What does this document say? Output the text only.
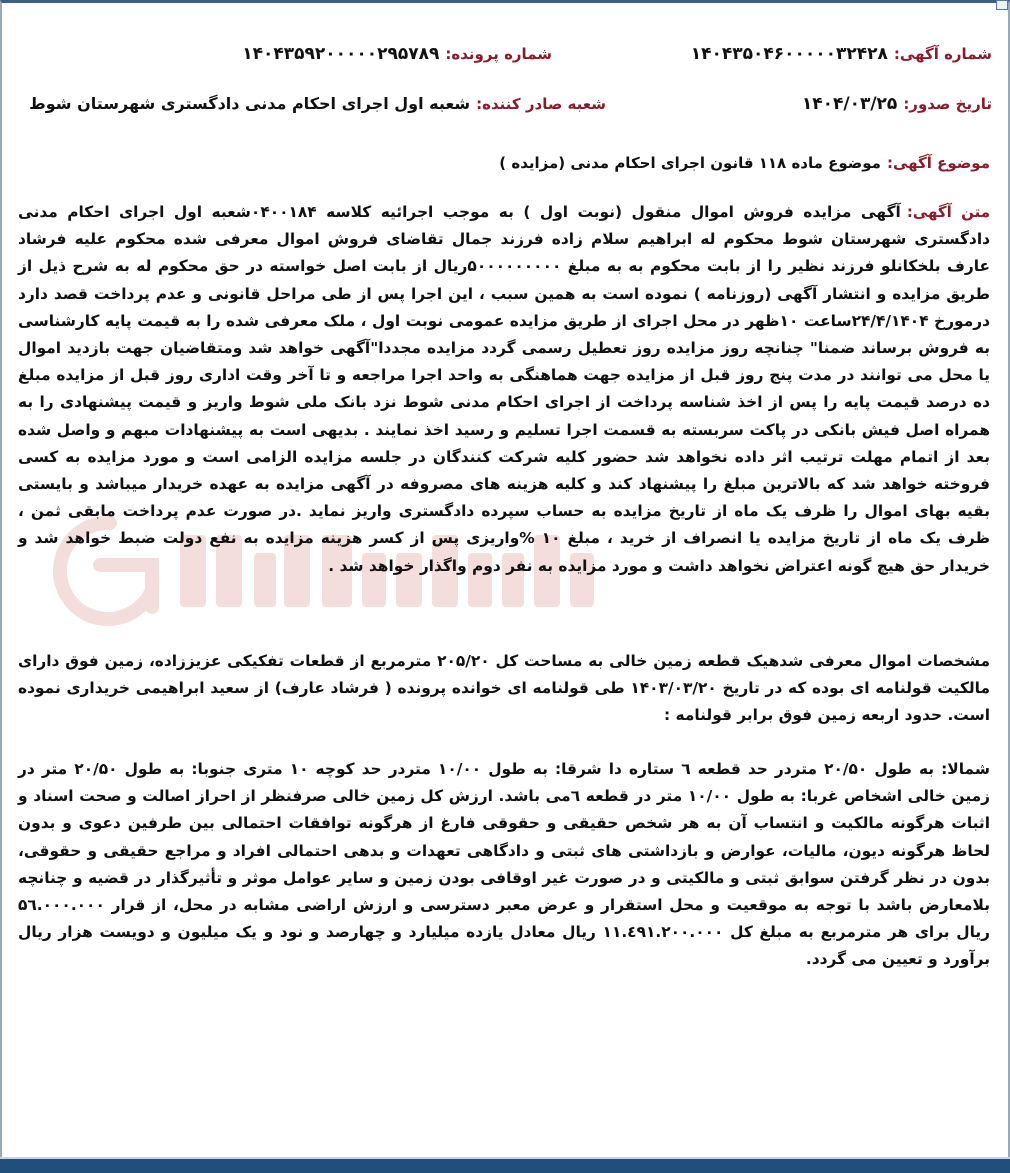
شماره آگهی:
۱۴۰۴۳۵۰۴۶۰۰۰۰۰۳۲۴۲۸
شماره پرونده:
۱۴۰۴۳۵۹۲۰۰۰۰۰۲۹۵۷۸۹
تاریخ صدور:
۱۴۰۴/۰۳/۲۵
شعبه صادر کننده:
شعبه اول اجرای احکام مدنی دادگستری شهرستان شوط
موضوع آگهی:
موضوع ماده ۱۱۸ قانون اجرای احکام مدنی (مزایده )
متن آگهی:آگهی مزایده فروش اموال منقول (نوبت اول ) به موجب اجرائیه کلاسه ۰۴۰۰۱۸۴شعبه اول اجرای احکام مدنی دادگستری شهرستان شوط محکوم له ابراهیم سلام زاده فرزند جمال تقاضای فروش اموال معرفی شده محکوم علیه فرشاد عارف بلخکانلو فرزند نظیر را از بابت محکوم به به مبلغ ۵۰۰۰۰۰۰۰۰۰ریال از بابت اصل خواسته در حق محکوم له به شرح ذیل از طریق مزایده و انتشار آگهی (روزنامه ) نموده است به همین سبب ، این اجرا پس از طی مراحل قانونی و عدم پرداخت قصد دارد درمورخ ۲۴/۴/۱۴۰۴ساعت ۱۰ظهر در محل اجرای از طریق مزایده عمومی نوبت اول ، ملک معرفی شده را به قیمت پایه کارشناسی به فروش برساند ضمنا" چنانچه روز مزایده روز تعطیل رسمی گردد مزایده مجددا"آگهی خواهد شد ومتقاضیان جهت بازدید اموال یا محل می توانند در مدت پنج روز قبل از مزایده جهت هماهنگی به واحد اجرا مراجعه و تا آخر وقت اداری روز قبل از مزایده مبلغ ده درصد قیمت پایه را پس از اخذ شناسه پرداخت از اجرای احکام مدنی شوط نزد بانک ملی شوط واریز و قیمت پیشنهادی را به همراه اصل فیش بانکی در پاکت سربسته به قسمت اجرا تسلیم و رسید اخذ نمایند . بدیهی است به پیشنهادات مبهم و واصل شده بعد از اتمام مهلت ترتیب اثر داده نخواهد شد حضور کلیه شرکت کنندگان در جلسه مزایده الزامی است و مورد مزایده به کسی فروخته خواهد شد که بالاترین مبلغ را پیشنهاد کند و کلیه هزینه های مصروفه در آگهی مزایده به عهده خریدار میباشد و بایستی بقیه بهای اموال را ظرف یک ماه از تاریخ مزایده به حساب سپرده دادگستری واریز نماید .در صورت عدم پرداخت مابقی ثمن ، ظرف یک ماه از تاریخ مزایده یا انصراف از خرید ، مبلغ ۱۰ %واریزی پس از کسر هزینه مزایده به نفع دولت ضبط خواهد شد و خریدار حق هیچ گونه اعتراض نخواهد داشت و مورد مزایده به نفر دوم واگذار خواهد شد .
مشخصات اموال معرفی شدهیک قطعه زمین خالی به مساحت کل ۲۰۵/۲۰ مترمربع از قطعات تفکیکی عزیززاده، زمین فوق دارای مالکیت قولنامه ای بوده که در تاریخ ۱۴۰۳/۰۳/۲۰ طی قولنامه ای خوانده پرونده ( فرشاد عارف) از سعید ابراهیمی خریداری نموده است. حدود اربعه زمین فوق برابر قولنامه :
شمالا: به طول ۲۰/۵۰ متردر حد قطعه ٦ ستاره دا شرقا: به طول ۱۰/۰۰ متردر حد کوچه ۱۰ متری جنوبا: به طول ۲۰/۵۰ متر در زمین خالی اشخاص غربا: به طول ۱۰/۰۰ متر در قطعه ٦می باشد. ارزش کل زمین خالی صرفنظر از احراز اصالت و صحت اسناد و اثبات هرگونه مالکیت و انتساب آن به هر شخص حقیقی و حقوقی فارغ از هرگونه توافقات احتمالی بین طرفین دعوی و بدون لحاظ هرگونه دیون، مالیات، عوارض و بازداشتی های ثبتی و دادگاهی تعهدات و بدهی احتمالی افراد و مراجع حقیقی و حقوقی، بدون در نظر گرفتن سوابق ثبتی و مالکیتی و در صورت غیر اوقافی بودن زمین و سایر عوامل موثر و تأثیرگذار در قضیه و چنانچه بلامعارض باشد با توجه به موقعیت و محل استقرار و عرض معبر دسترسی و ارزش اراضی مشابه در محل، از قرار ۵٦.۰۰۰.۰۰۰ ریال برای هر مترمربع به مبلغ کل ۱۱.٤۹۱.۲۰۰.۰۰۰ ریال معادل یازده میلیارد و چهارصد و نود و یک میلیون و دویست هزار ریال برآورد و تعیین می گردد.
